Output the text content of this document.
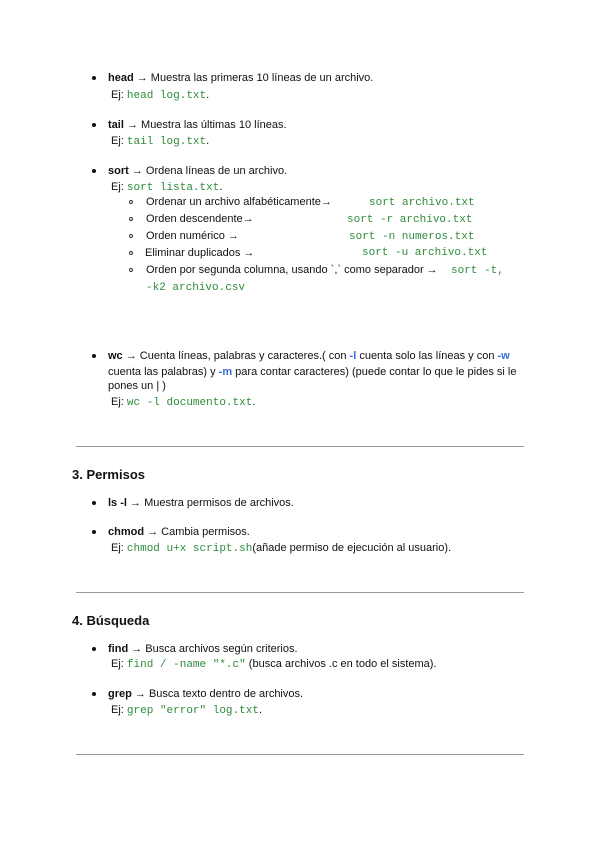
head → Muestra las primeras 10 líneas de un archivo.
Ej: head log.txt.
tail → Muestra las últimas 10 líneas.
Ej: tail log.txt.
sort → Ordena líneas de un archivo.
Ej: sort lista.txt.
Ordenar un archivo alfabéticamente→	sort archivo.txt
Orden descendente→	sort -r archivo.txt
Orden numérico →	sort -n numeros.txt
Eliminar duplicados →	sort -u archivo.txt
Orden por segunda columna, usando `,` como separador → sort -t,
-k2 archivo.csv
wc → Cuenta líneas, palabras y caracteres.( con -l cuenta solo las líneas y con -w
cuenta las palabras) y -m para contar caracteres) (puede contar lo que le pides si le
pones un | )
Ej: wc -l documento.txt.
3. Permisos
ls -l → Muestra permisos de archivos.
chmod → Cambia permisos.
Ej: chmod u+x script.sh(añade permiso de ejecución al usuario).
4. Búsqueda
find → Busca archivos según criterios.
Ej: find / -name "*.c" (busca archivos .c en todo el sistema).
grep → Busca texto dentro de archivos.
Ej: grep "error" log.txt.
